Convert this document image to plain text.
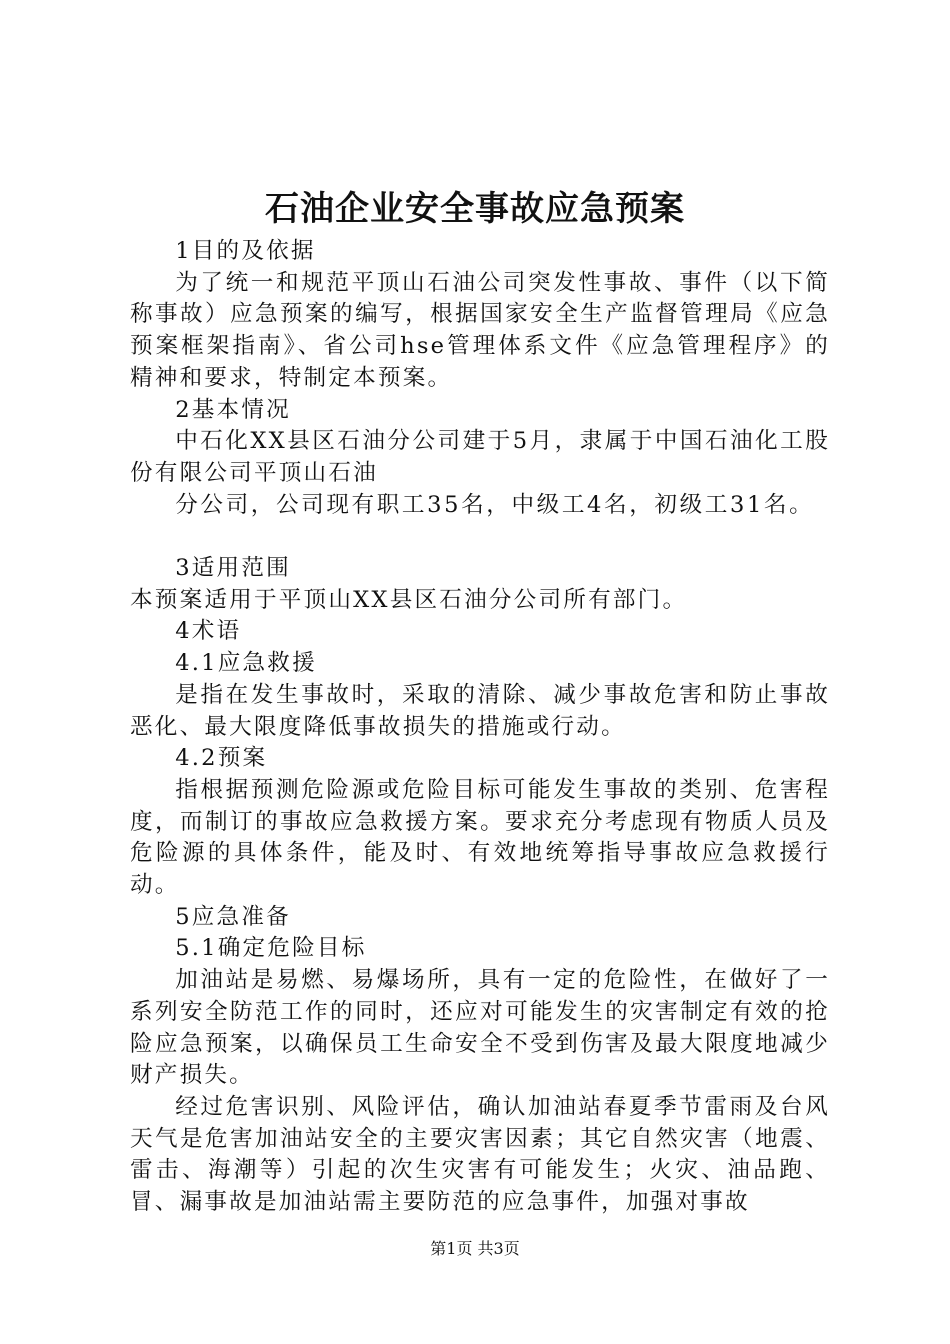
石油企业安全事故应急预案

1目的及依据

为了统一和规范平顶山石油公司突发性事故、事件（以下简称事故）应急预案的编写，根据国家安全生产监督管理局《应急预案框架指南》、省公司hse管理体系文件《应急管理程序》的精神和要求，特制定本预案。

2基本情况

中石化XX县区石油分公司建于5月，隶属于中国石油化工股份有限公司平顶山石油

分公司，公司现有职工35名，中级工4名，初级工31名。

3适用范围

本预案适用于平顶山XX县区石油分公司所有部门。

4术语

4.1应急救援

是指在发生事故时，采取的清除、减少事故危害和防止事故恶化、最大限度降低事故损失的措施或行动。

4.2预案

指根据预测危险源或危险目标可能发生事故的类别、危害程度，而制订的事故应急救援方案。要求充分考虑现有物质人员及危险源的具体条件，能及时、有效地统筹指导事故应急救援行动。

5应急准备

5.1确定危险目标

加油站是易燃、易爆场所，具有一定的危险性，在做好了一系列安全防范工作的同时，还应对可能发生的灾害制定有效的抢险应急预案，以确保员工生命安全不受到伤害及最大限度地减少财产损失。

经过危害识别、风险评估，确认加油站春夏季节雷雨及台风天气是危害加油站安全的主要灾害因素；其它自然灾害（地震、雷击、海潮等）引起的次生灾害有可能发生；火灾、油品跑、冒、漏事故是加油站需主要防范的应急事件，加强对事故

第1页 共3页
